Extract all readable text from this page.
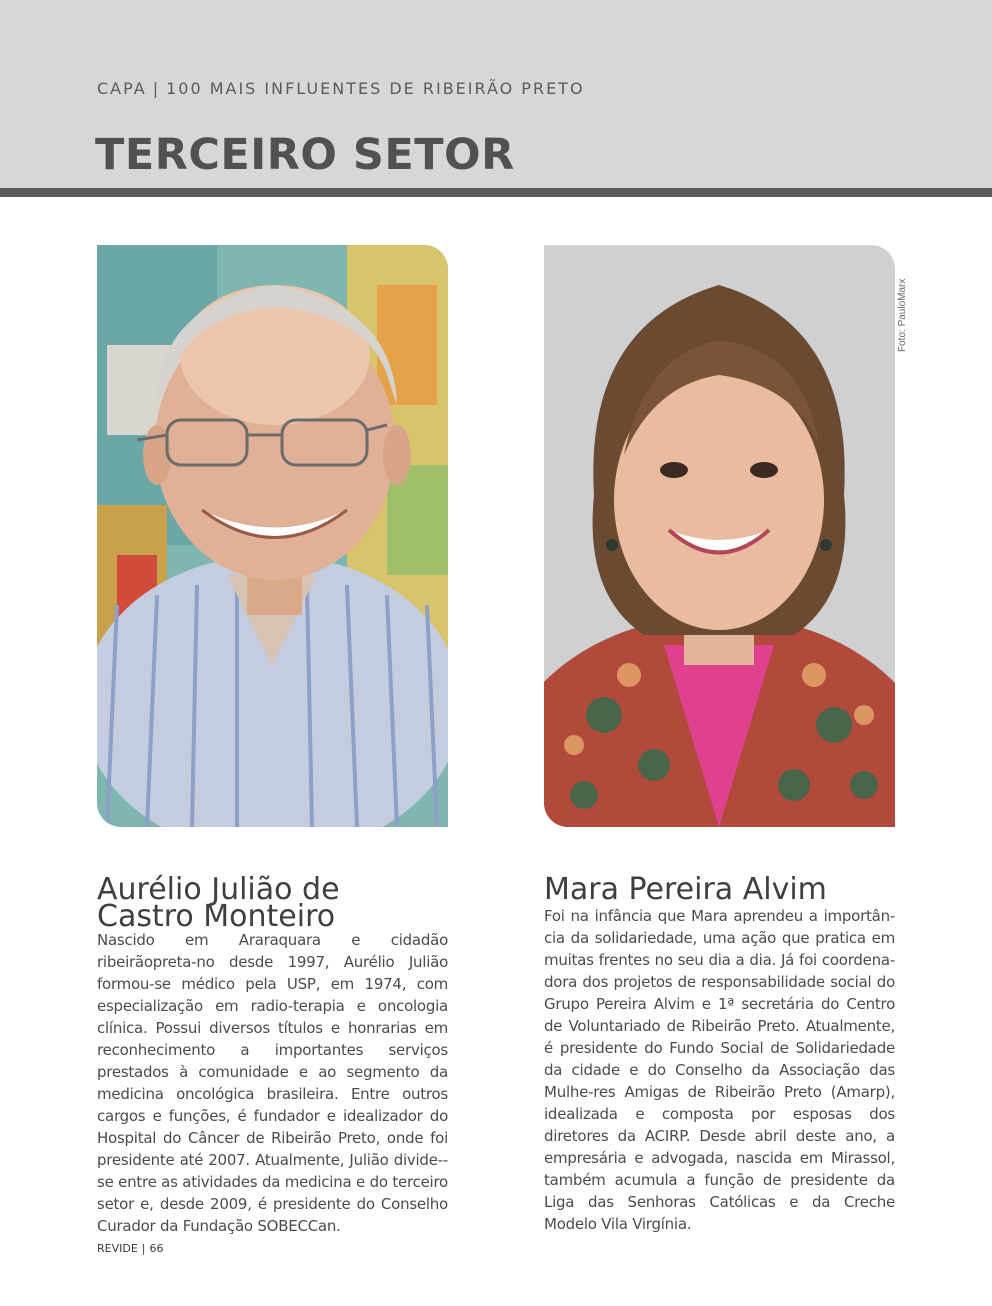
CAPA | 100 MAIS INFLUENTES DE RIBEIRÃO PRETO
TERCEIRO SETOR
Foto: PauloMarx
Aurélio Julião de
Castro Monteiro

Nascido em Araraquara e cidadão ribeirãopreta-no desde 1997, Aurélio Julião formou-se médico pela USP, em 1974, com especialização em radio-terapia e oncologia clínica. Possui diversos títulos e honrarias em reconhecimento a importantes serviços prestados à comunidade e ao segmento da medicina oncológica brasileira. Entre outros cargos e funções, é fundador e idealizador do Hospital do Câncer de Ribeirão Preto, onde foi presidente até 2007. Atualmente, Julião divide--se entre as atividades da medicina e do terceiro setor e, desde 2009, é presidente do Conselho Curador da Fundação SOBECCan.

Mara Pereira Alvim

Foi na infância que Mara aprendeu a importân-cia da solidariedade, uma ação que pratica em muitas frentes no seu dia a dia. Já foi coordena-dora dos projetos de responsabilidade social do Grupo Pereira Alvim e 1ª secretária do Centro de Voluntariado de Ribeirão Preto. Atualmente, é presidente do Fundo Social de Solidariedade da cidade e do Conselho da Associação das Mulhe-res Amigas de Ribeirão Preto (Amarp), idealizada e composta por esposas dos diretores da ACIRP. Desde abril deste ano, a empresária e advogada, nascida em Mirassol, também acumula a função de presidente da Liga das Senhoras Católicas e da Creche Modelo Vila Virgínia.

REVIDE | 66
